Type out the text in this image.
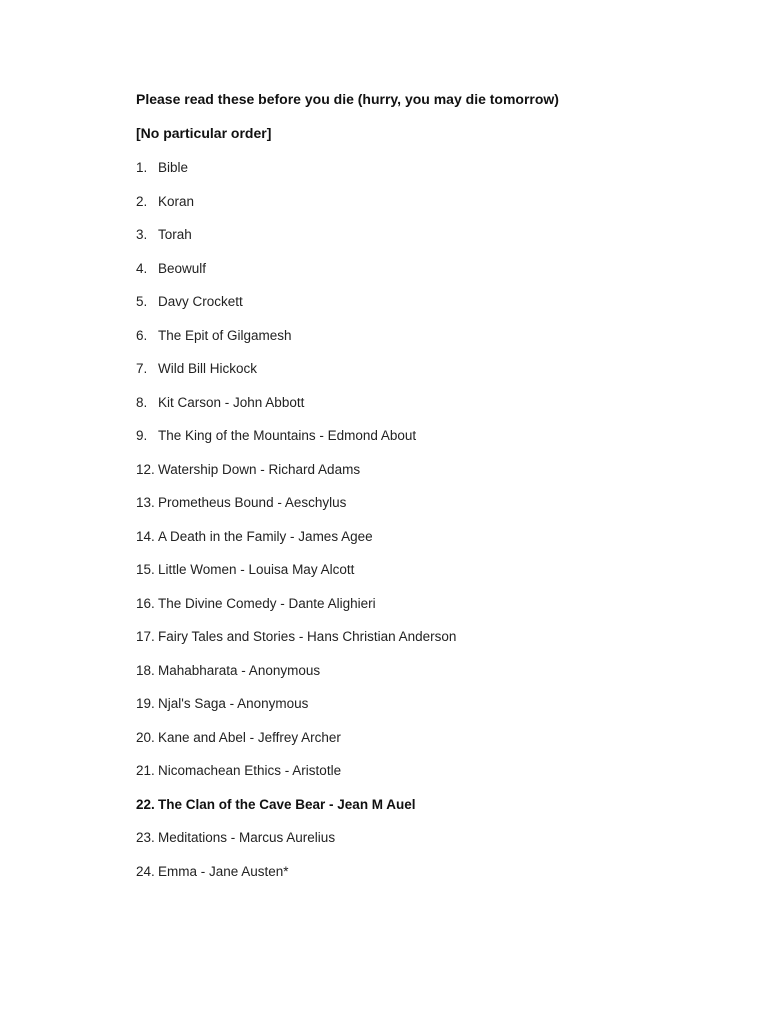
Please read these before you die (hurry, you may die tomorrow)
[No particular order]
1. Bible
2. Koran
3. Torah
4. Beowulf
5. Davy Crockett
6. The Epit of Gilgamesh
7. Wild Bill Hickock
8. Kit Carson - John Abbott
9. The King of the Mountains - Edmond About
12. Watership Down - Richard Adams
13. Prometheus Bound - Aeschylus
14. A Death in the Family - James Agee
15. Little Women - Louisa May Alcott
16. The Divine Comedy - Dante Alighieri
17. Fairy Tales and Stories - Hans Christian Anderson
18. Mahabharata - Anonymous
19. Njal's Saga - Anonymous
20. Kane and Abel - Jeffrey Archer
21. Nicomachean Ethics - Aristotle
22. The Clan of the Cave Bear - Jean M Auel
23. Meditations - Marcus Aurelius
24. Emma - Jane Austen*
